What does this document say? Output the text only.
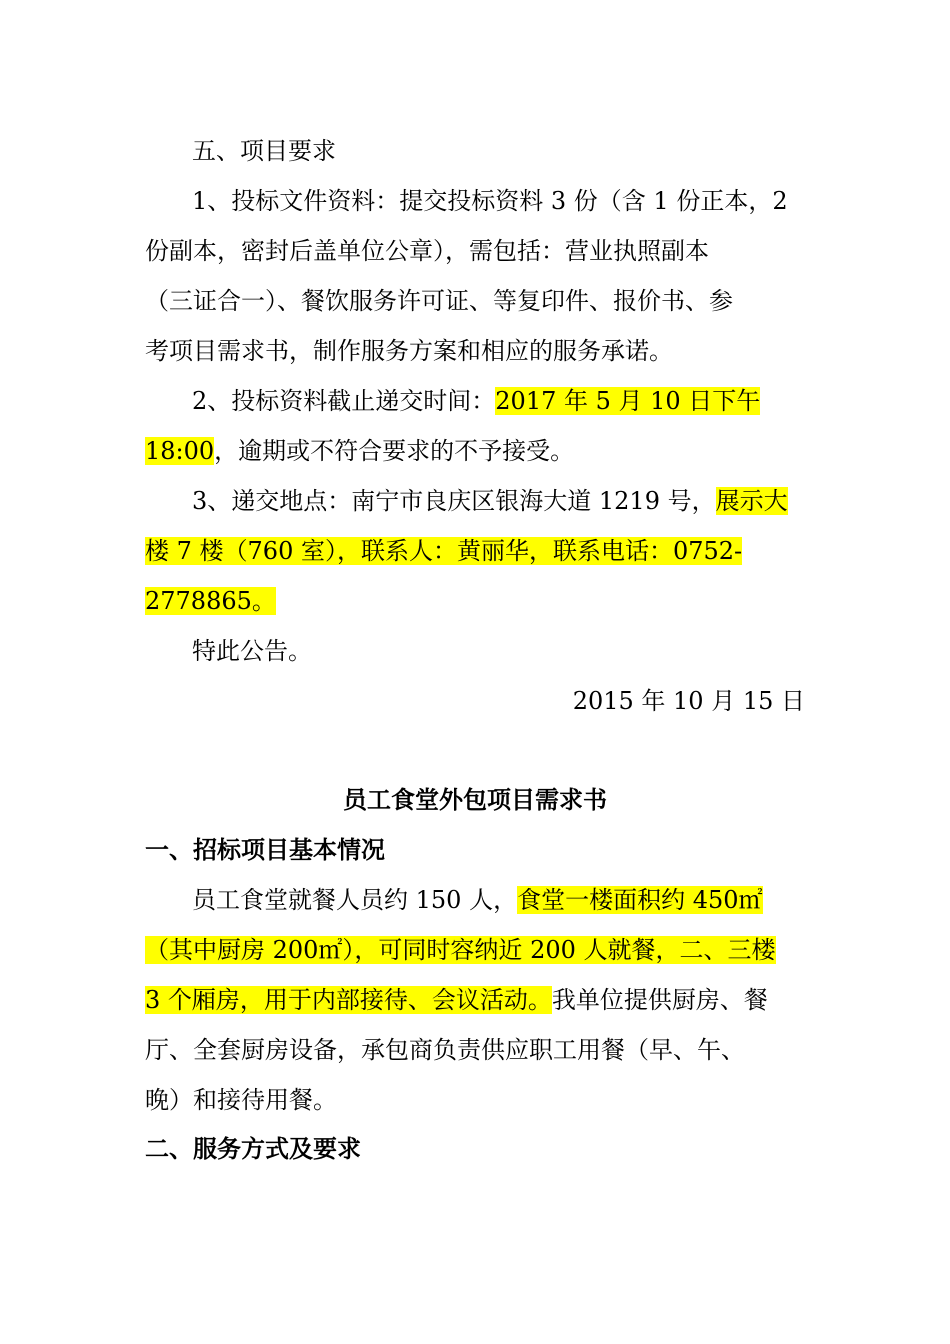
五、项目要求
1、投标文件资料：提交投标资料 3 份（含 1 份正本，2
份副本，密封后盖单位公章），需包括：营业执照副本
（三证合一）、餐饮服务许可证、等复印件、报价书、参
考项目需求书，制作服务方案和相应的服务承诺。
2、投标资料截止递交时间：2017 年 5 月 10 日下午
18:00，逾期或不符合要求的不予接受。
3、递交地点：南宁市良庆区银海大道 1219 号，展示大
楼 7 楼（760 室），联系人：黄丽华，联系电话：0752-
2778865。
特此公告。
2015 年 10 月 15 日
员工食堂外包项目需求书
一、招标项目基本情况
员工食堂就餐人员约 150 人，食堂一楼面积约 450㎡
（其中厨房 200㎡），可同时容纳近 200 人就餐，二、三楼
3 个厢房，用于内部接待、会议活动。我单位提供厨房、餐
厅、全套厨房设备，承包商负责供应职工用餐（早、午、
晚）和接待用餐。
二、服务方式及要求
